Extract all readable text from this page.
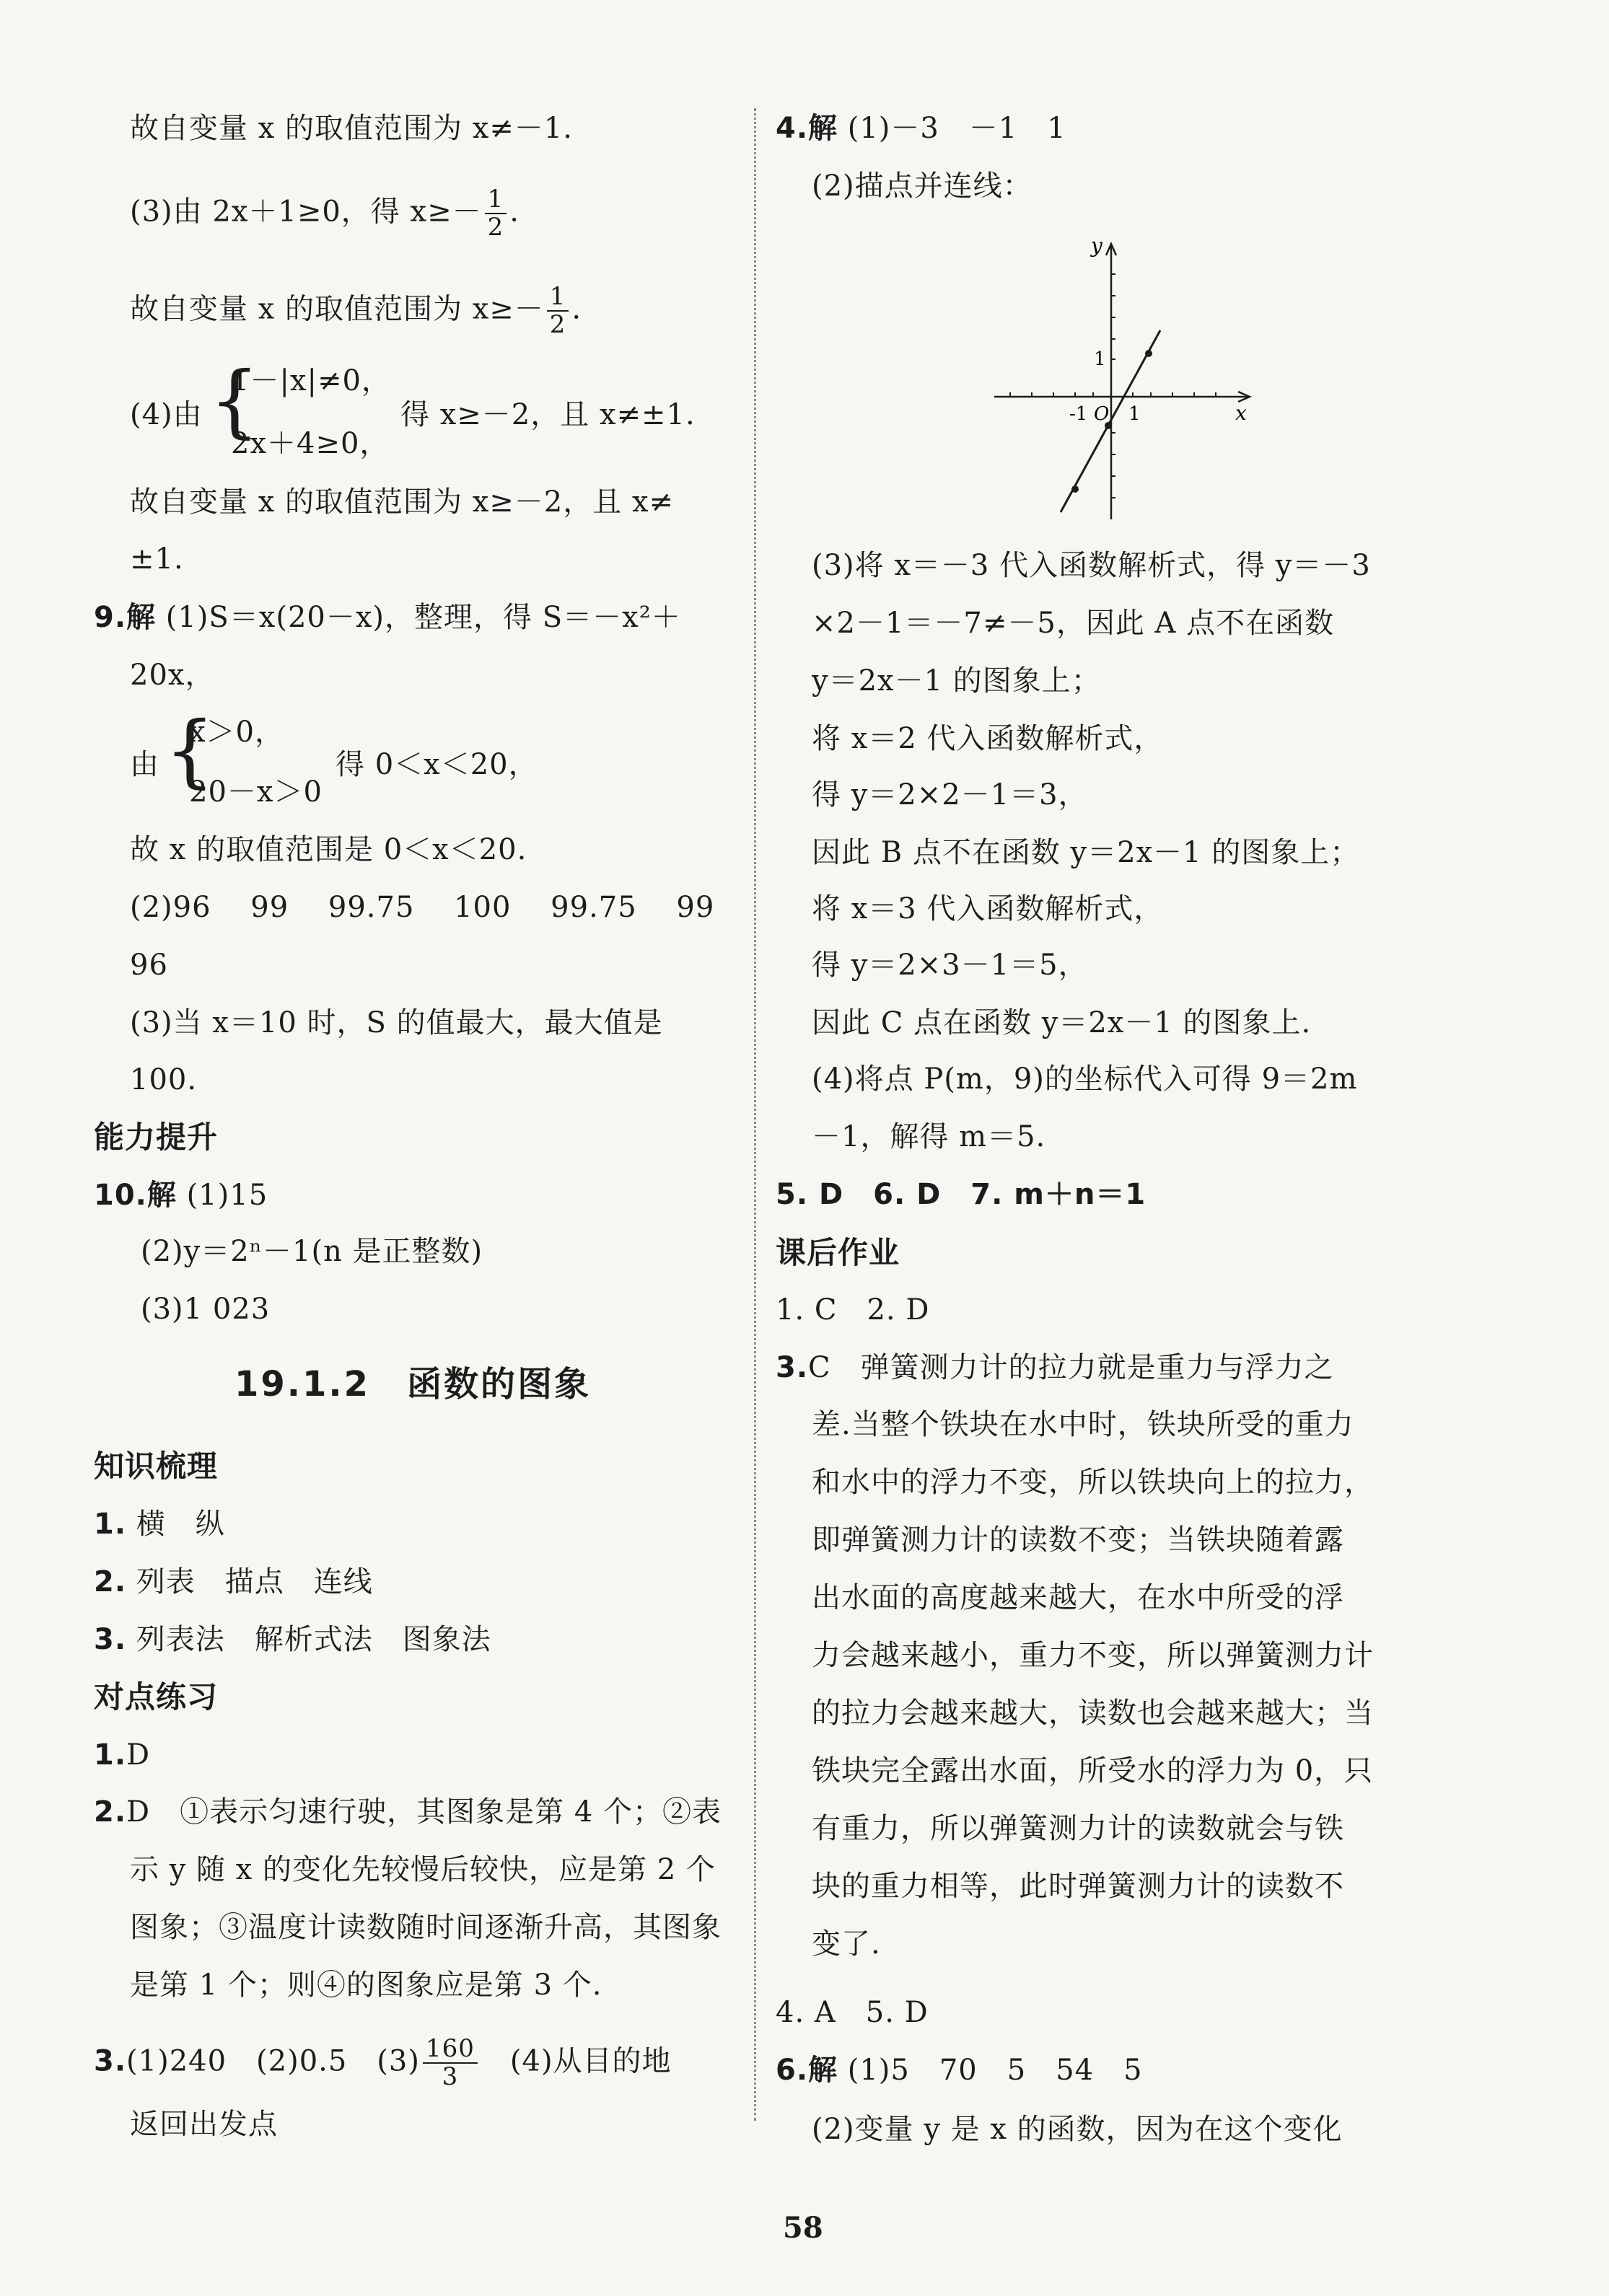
故自变量 x 的取值范围为 x≠－1.
(3)由 2x＋1≥0，得 $x\ge- \frac{1}{2}$ .
故自变量 x 的取值范围为 $x\ge- \frac{1}{2}$ .
(4)由 {
1－|x|≠0，
2x＋4≥0，
得 x≥－2，且 x≠±1.
故自变量 x 的取值范围为 x≥－2，且 x≠
±1.
9.解 (1)S＝x(20－x)，整理，得 S＝－x²＋
20x，
由 {
x＞0，
20－x＞0
得 0＜x＜20，
故 x 的取值范围是 0＜x＜20.
(2)96　 99　 99.75　 100　 99.75　 99
96
(3)当 x＝10 时，S 的值最大，最大值是
100.
能力提升
10.解 (1)15
(2)y＝2ⁿ－1(n 是正整数)
(3)1 023
19.1.2　函数的图象
知识梳理
1. 横　纵
2. 列表　描点　连线
3. 列表法　解析式法　图象法
对点练习
1.D
2.D　①表示匀速行驶，其图象是第 4 个；②表
示 y 随 x 的变化先较慢后较快，应是第 2 个
图象；③温度计读数随时间逐渐升高，其图象
是第 1 个；则④的图象应是第 3 个.
3.(1)240　(2)0.5　$(3) \frac{160}{3}$ 　(4)从目的地
返回出发点
4.解 (1)－3　－1　1
(2)描点并连线：
y
x
1
-1 O 1
(3)将 x＝－3 代入函数解析式，得 y＝－3
×2－1＝－7≠－5，因此 A 点不在函数
y＝2x－1 的图象上；
将 x＝2 代入函数解析式，
得 y＝2×2－1＝3，
因此 B 点不在函数 y＝2x－1 的图象上；
将 x＝3 代入函数解析式，
得 y＝2×3－1＝5，
因此 C 点在函数 y＝2x－1 的图象上.
(4)将点 P(m，9)的坐标代入可得 9＝2m
－1，解得 m＝5.
5. D　6. D　7. m＋n＝1
课后作业
1. C　2. D
3.C　弹簧测力计的拉力就是重力与浮力之
差.当整个铁块在水中时，铁块所受的重力
和水中的浮力不变，所以铁块向上的拉力，
即弹簧测力计的读数不变；当铁块随着露
出水面的高度越来越大，在水中所受的浮
力会越来越小，重力不变，所以弹簧测力计
的拉力会越来越大，读数也会越来越大；当
铁块完全露出水面，所受水的浮力为 0，只
有重力，所以弹簧测力计的读数就会与铁
块的重力相等，此时弹簧测力计的读数不
变了.
4. A　5. D
6.解 (1)5　70　5　54　5
(2)变量 y 是 x 的函数，因为在这个变化
58
